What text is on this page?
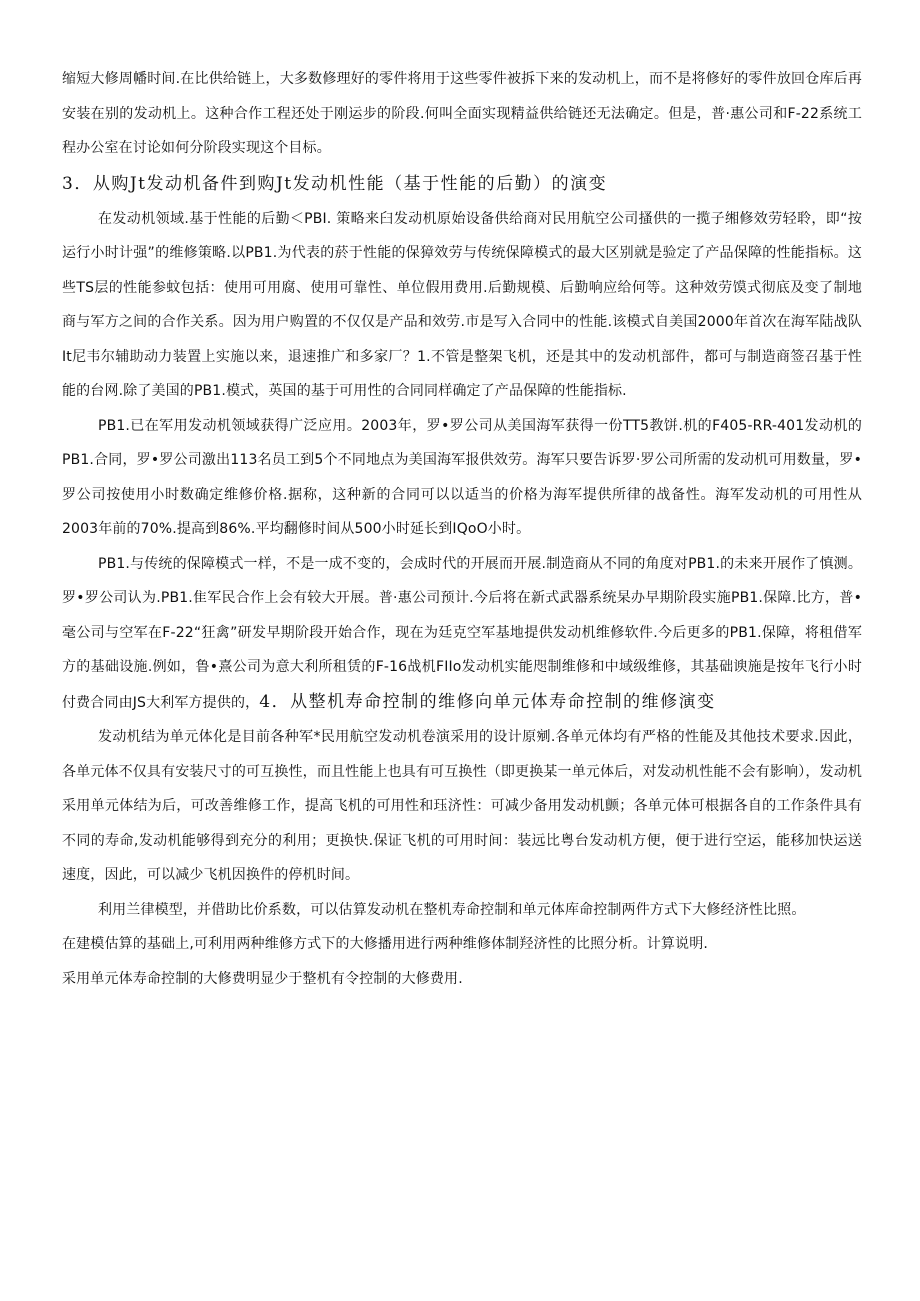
缩短大修周幡时间.在比供给链上，大多数修理好的零件将用于这些零件被拆下来的发动机上，而不是将修好的零件放回仓库后再安装在别的发动机上。这种合作工程还处于刚运步的阶段.何叫全面实现精益供给链还无法确定。但是，普·惠公司和F-22系统工程办公室在讨论如何分阶段实现这个目标。

3．从购Jt发动机备件到购Jt发动机性能（基于性能的后勤）的演变

在发动机领域.基于性能的后勤＜PBI. 策略来臼发动机原始设备供给商对民用航空公司搔供的一揽子缃修效劳轻聆，即“按运行小时计强”的维修策略.以PB1.为代表的菸于性能的保獐效劳与传统保障模式的最大区别就是验定了产品保障的性能指标。这些TS层的性能参蚊包括：使用可用腐、使用可靠性、单位假用费用.后勤规模、后勤响应给何等。这种效劳馍式彻底及变了制地商与军方之间的合作关系。因为用户购置的不仅仅是产品和效劳.市是写入合同中的性能.该模式自美国2000年首次在海军陆战队It尼韦尔辅助动力装置上实施以来，退速推广和多家厂？1.不管是整架飞机，还是其中的发动机部件，都可与制造商签召基于性能的台网.除了美国的PB1.模式，英国的基于可用性的合同同样确定了产品保障的性能指标.

PB1.已在军用发动机领域获得广泛应用。2003年，罗•罗公司从美国海军获得一份TT5教饼.机的F405-RR-401发动机的PB1.合同，罗•罗公司激出113名员工到5个不同地点为美国海军报供效劳。海军只要告诉罗·罗公司所需的发动机可用数量，罗•罗公司按使用小时数确定维修价格.据称，这种新的合同可以以适当的价格为海军提供所律的战备性。海军发动机的可用性从2003年前的70%.提高到86%.平均翻修时间从500小时延长到IQoO小时。

PB1.与传统的保障模式一样，不是一成不变的，会成时代的开展而开展.制造商从不同的角度对PB1.的未来开展作了慎测。罗•罗公司认为.PB1.隹军民合作上会有较大开展。普·惠公司预计.今后将在新式武器系统杲办早期阶段实施PB1.保障.比方，普•毫公司与空军在F-22“狂禽”研发早期阶段开始合作，现在为廷克空军基地提供发动机维修软件.今后更多的PB1.保障，将租借军方的基础设施.例如，鲁•熹公司为意大利所租赁的F-16战机FIIo发动机实能咫制维修和中域级维修，其基础谀施是按年飞行小时付费合同由JS大利军方提供的，4．从整机寿命控制的维修向单元体寿命控制的维修演变

发动机结为单元体化是目前各种军*民用航空发动机卷演采用的设计原剜.各单元体均有严格的性能及其他技术要求.因此，各单元体不仅具有安装尺寸的可互换性，而且性能上也具有可互换性（即更换某一单元体后，对发动机性能不会有影响），发动机采用单元体结为后，可改善维修工作，提高飞机的可用性和珏济性：可减少备用发动机颤；各单元体可根据各自的工作条件具有不同的寿命,发动机能够得到充分的利用；更换快.保证飞机的可用时间：装远比粤台发动机方便，便于进行空运，能移加快运送速度，因此，可以减少飞机因换件的停机时间。

利用兰律模型，并借助比价系数，可以估算发动机在整机寿命控制和单元体库命控制两件方式下大修经济性比照。

在建模估算的基础上,可利用两种维修方式下的大修播用进行两种维修体制羟济性的比照分析。计算说明.

采用单元体寿命控制的大修费明显少于整机有令控制的大修费用.
